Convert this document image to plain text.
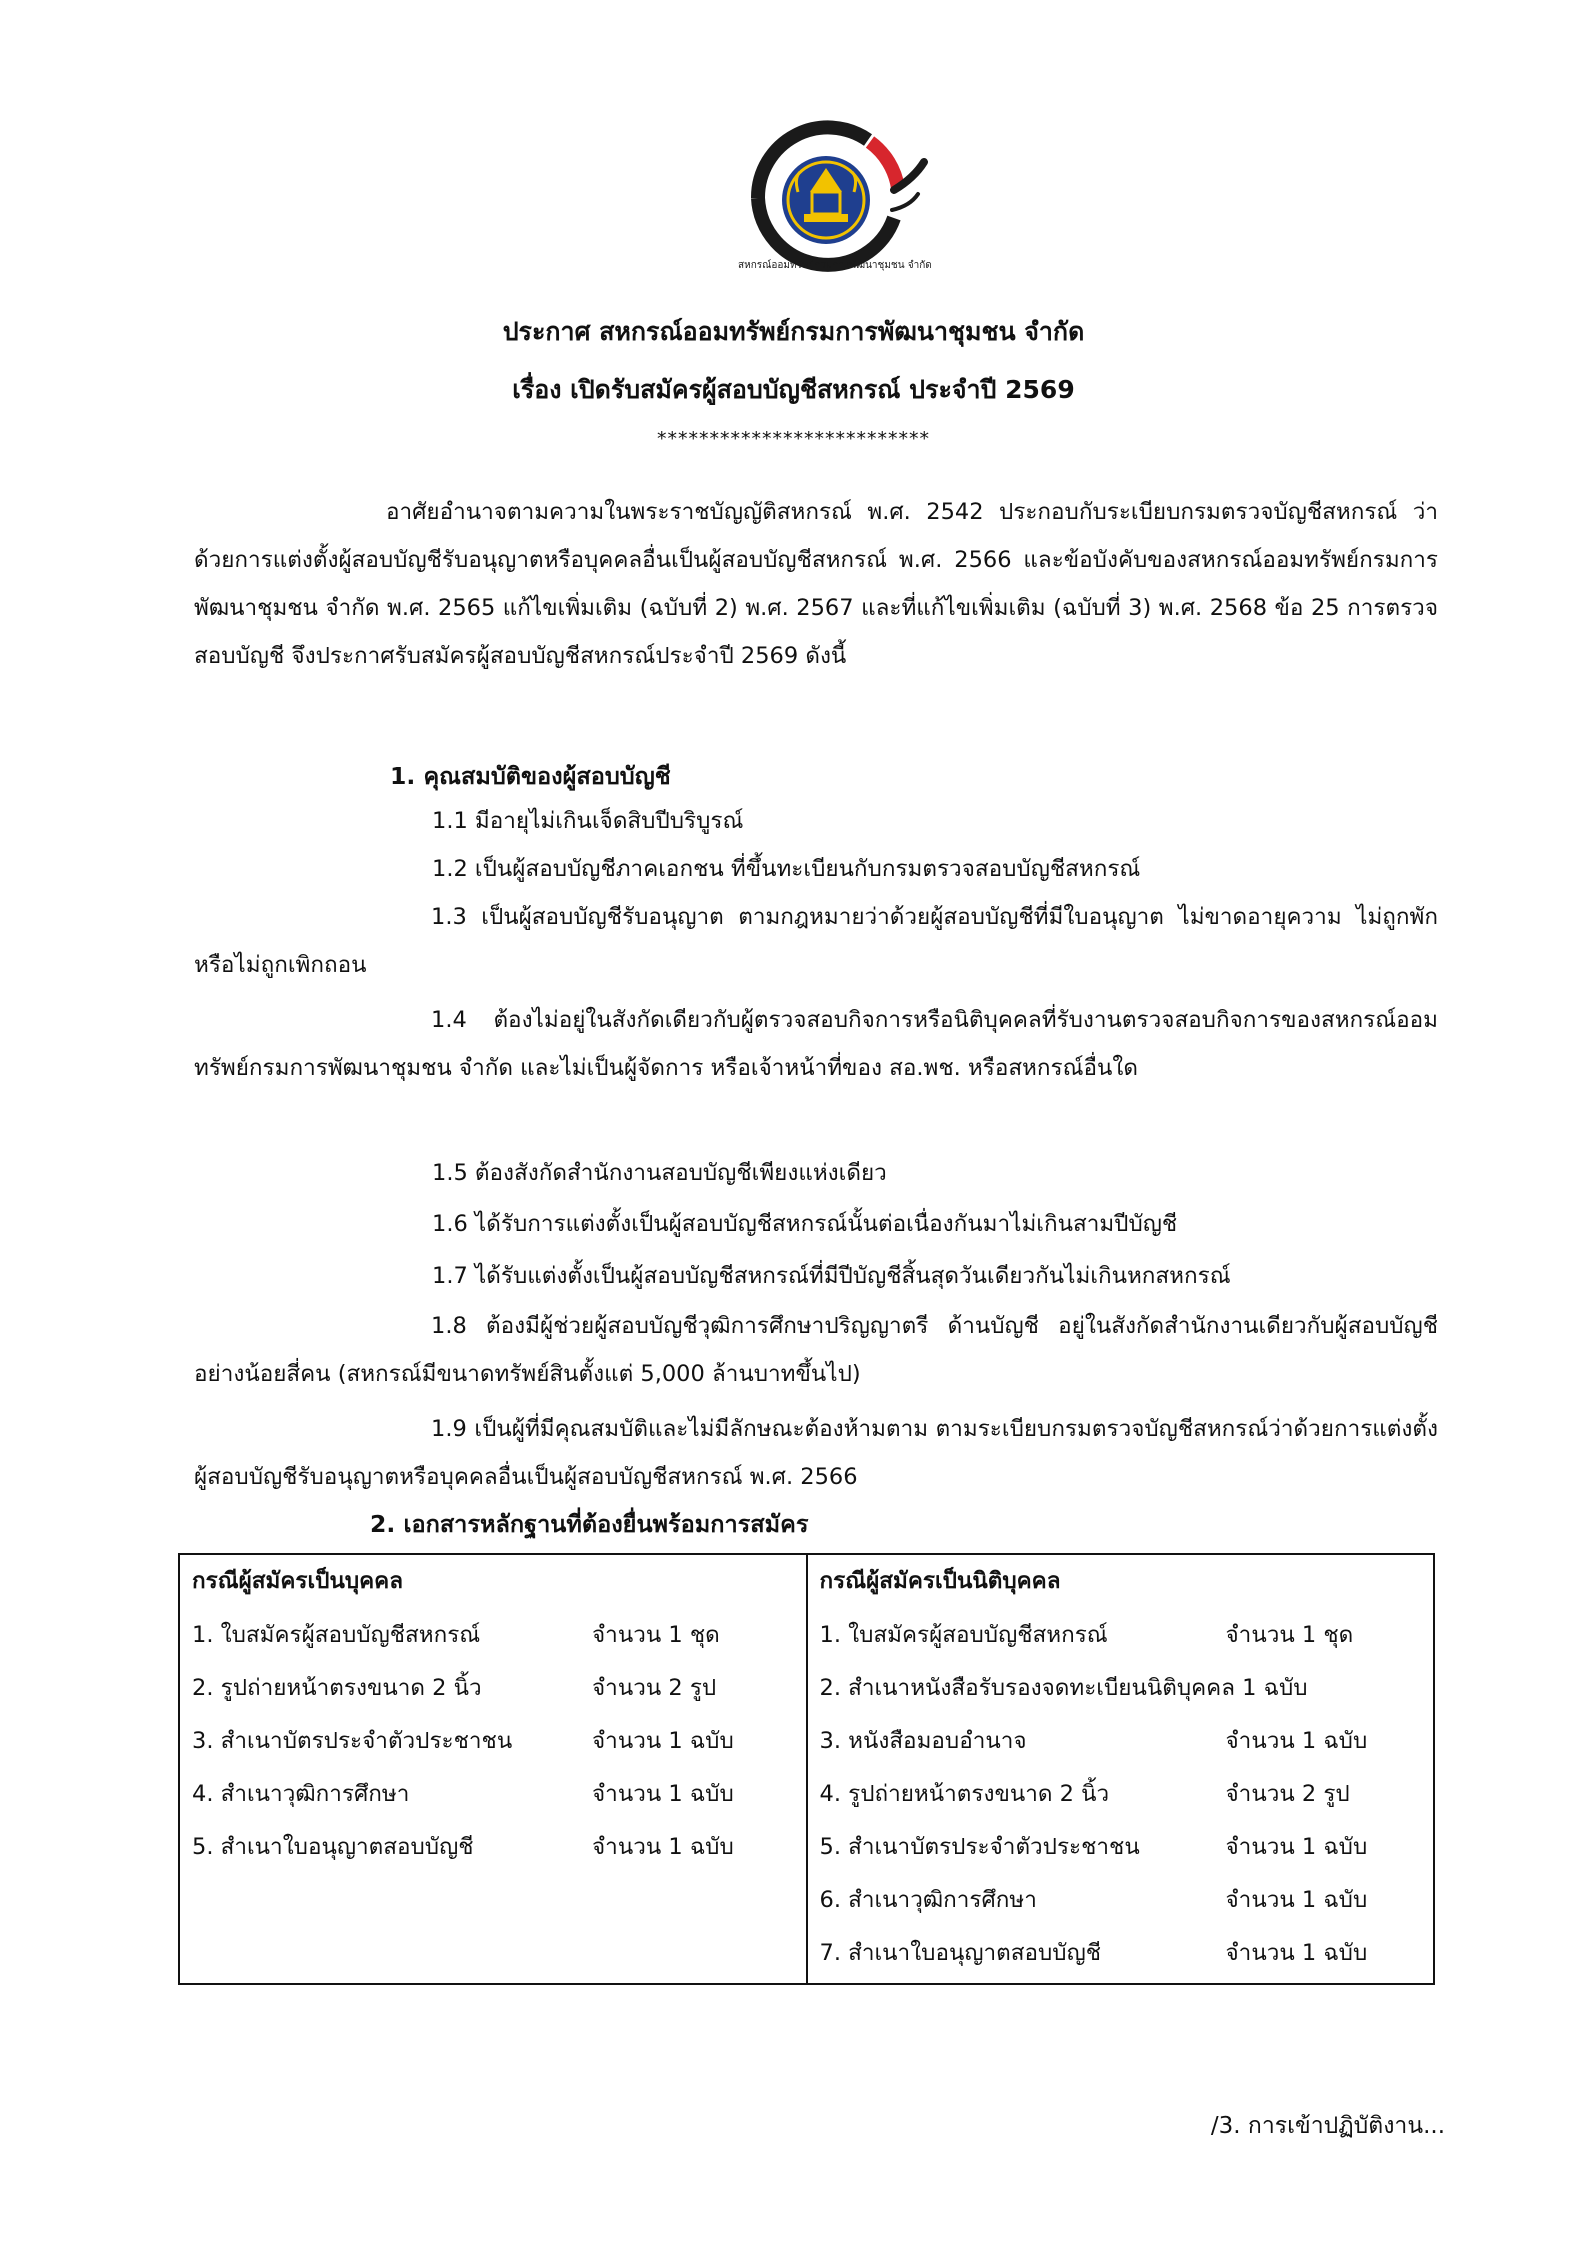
สหกรณ์ออมทรัพย์กรมการพัฒนาชุมชน จำกัด
ประกาศ สหกรณ์ออมทรัพย์กรมการพัฒนาชุมชน จำกัด
เรื่อง เปิดรับสมัครผู้สอบบัญชีสหกรณ์ ประจำปี 2569
**************************
อาศัยอำนาจตามความในพระราชบัญญัติสหกรณ์ พ.ศ. 2542 ประกอบกับระเบียบกรมตรวจบัญชีสหกรณ์ ว่าด้วยการแต่งตั้งผู้สอบบัญชีรับอนุญาตหรือบุคคลอื่นเป็นผู้สอบบัญชีสหกรณ์ พ.ศ. 2566 และข้อบังคับของสหกรณ์ออมทรัพย์กรมการพัฒนาชุมชน จำกัด พ.ศ. 2565 แก้ไขเพิ่มเติม (ฉบับที่ 2) พ.ศ. 2567 และที่แก้ไขเพิ่มเติม (ฉบับที่ 3) พ.ศ. 2568 ข้อ 25 การตรวจสอบบัญชี จึงประกาศรับสมัครผู้สอบบัญชีสหกรณ์ประจำปี 2569 ดังนี้
1. คุณสมบัติของผู้สอบบัญชี
1.1 มีอายุไม่เกินเจ็ดสิบปีบริบูรณ์
1.2 เป็นผู้สอบบัญชีภาคเอกชน ที่ขึ้นทะเบียนกับกรมตรวจสอบบัญชีสหกรณ์
1.3 เป็นผู้สอบบัญชีรับอนุญาต ตามกฎหมายว่าด้วยผู้สอบบัญชีที่มีใบอนุญาต ไม่ขาดอายุความ ไม่ถูกพัก หรือไม่ถูกเพิกถอน
1.4 ต้องไม่อยู่ในสังกัดเดียวกับผู้ตรวจสอบกิจการหรือนิติบุคคลที่รับงานตรวจสอบกิจการของสหกรณ์ออมทรัพย์กรมการพัฒนาชุมชน จำกัด และไม่เป็นผู้จัดการ หรือเจ้าหน้าที่ของ สอ.พช. หรือสหกรณ์อื่นใด
1.5 ต้องสังกัดสำนักงานสอบบัญชีเพียงแห่งเดียว
1.6 ได้รับการแต่งตั้งเป็นผู้สอบบัญชีสหกรณ์นั้นต่อเนื่องกันมาไม่เกินสามปีบัญชี
1.7 ได้รับแต่งตั้งเป็นผู้สอบบัญชีสหกรณ์ที่มีปีบัญชีสิ้นสุดวันเดียวกันไม่เกินหกสหกรณ์
1.8 ต้องมีผู้ช่วยผู้สอบบัญชีวุฒิการศึกษาปริญญาตรี ด้านบัญชี อยู่ในสังกัดสำนักงานเดียวกับผู้สอบบัญชีอย่างน้อยสี่คน (สหกรณ์มีขนาดทรัพย์สินตั้งแต่ 5,000 ล้านบาทขึ้นไป)
1.9 เป็นผู้ที่มีคุณสมบัติและไม่มีลักษณะต้องห้ามตาม ตามระเบียบกรมตรวจบัญชีสหกรณ์ว่าด้วยการแต่งตั้งผู้สอบบัญชีรับอนุญาตหรือบุคคลอื่นเป็นผู้สอบบัญชีสหกรณ์ พ.ศ. 2566
2. เอกสารหลักฐานที่ต้องยื่นพร้อมการสมัคร
กรณีผู้สมัครเป็นบุคคล
1. ใบสมัครผู้สอบบัญชีสหกรณ์	จำนวน 1 ชุด
2. รูปถ่ายหน้าตรงขนาด 2 นิ้ว	จำนวน 2 รูป
3. สำเนาบัตรประจำตัวประชาชน	จำนวน 1 ฉบับ
4. สำเนาวุฒิการศึกษา	จำนวน 1 ฉบับ
5. สำเนาใบอนุญาตสอบบัญชี	จำนวน 1 ฉบับ

กรณีผู้สมัครเป็นนิติบุคคล
1. ใบสมัครผู้สอบบัญชีสหกรณ์	จำนวน 1 ชุด
2. สำเนาหนังสือรับรองจดทะเบียนนิติบุคคล 1 ฉบับ
3. หนังสือมอบอำนาจ	จำนวน 1 ฉบับ
4. รูปถ่ายหน้าตรงขนาด 2 นิ้ว	จำนวน 2 รูป
5. สำเนาบัตรประจำตัวประชาชน	จำนวน 1 ฉบับ
6. สำเนาวุฒิการศึกษา	จำนวน 1 ฉบับ
7. สำเนาใบอนุญาตสอบบัญชี	จำนวน 1 ฉบับ
/3. การเข้าปฏิบัติงาน...
